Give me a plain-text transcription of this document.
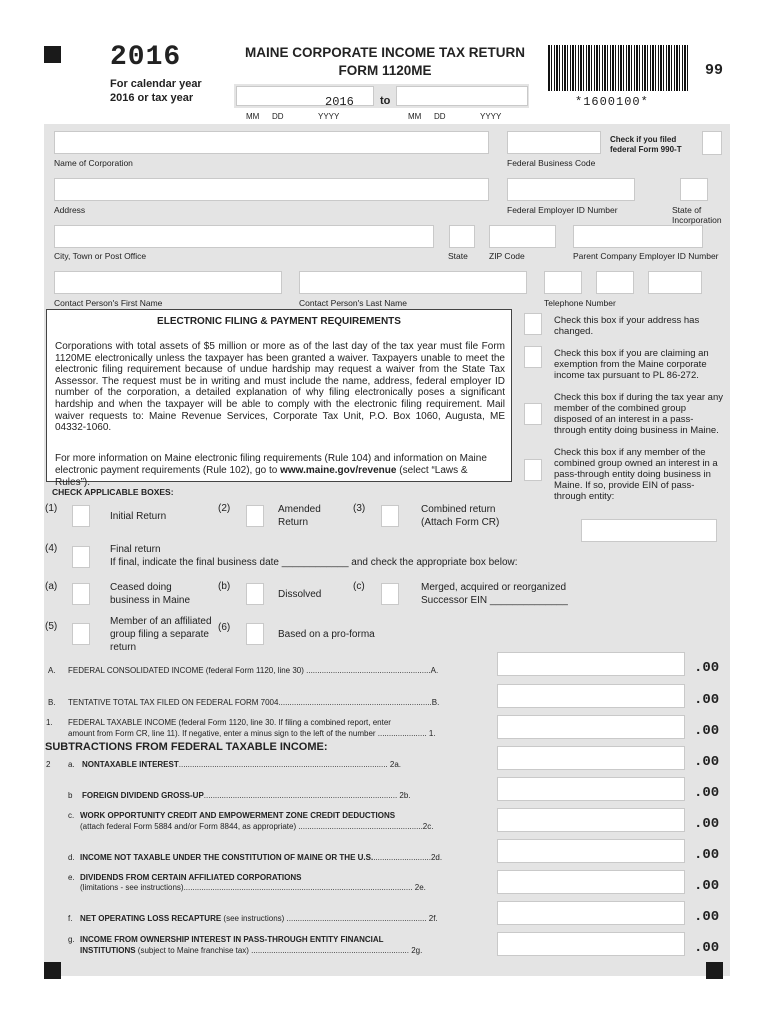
2016
For calendar year
2016 or tax year
MAINE CORPORATE INCOME TAX RETURN
FORM 1120ME
*1600100*
99
2016 to
MM DD	YYYY	MM DD	YYYY
Check if you filed federal Form 990-T
Name of Corporation	Federal Business Code
Address	Federal Employer ID Number	State of
Incorporation
City, Town or Post Office	State ZIP Code	Parent Company Employer ID Number
Contact Person's First Name	Contact Person's Last Name	Telephone Number
ELECTRONIC FILING & PAYMENT REQUIREMENTS
Corporations with total assets of $5 million or more as of the last day of the tax year must file Form 1120ME electronically unless the taxpayer has been granted a waiver. Taxpayers unable to meet the electronic filing requirement because of undue hardship may request a waiver from the State Tax Assessor. The request must be in writing and must include the name, address, federal employer ID number of the corporation, a detailed explanation of why filing electronically poses a significant hardship and when the taxpayer will be able to comply with the electronic filing requirement. Mail waiver requests to: Maine Revenue Services, Corporate Tax Unit, P.O. Box 1060, Augusta, ME 04332-1060.
For more information on Maine electronic filing requirements (Rule 104) and information on Maine electronic payment requirements (Rule 102), go to www.maine.gov/revenue (select “Laws & Rules”).
Check this box if your address has changed.
Check this box if you are claiming an exemption from the Maine corporate income tax pursuant to PL 86-272.
Check this box if during the tax year any member of the combined group disposed of an interest in a pass-through entity doing business in Maine.
Check this box if any member of the combined group owned an interest in a pass-through entity doing business in Maine. If so, provide EIN of pass-through entity:
CHECK APPLICABLE BOXES:
(1)
Initial Return
(2)	Amended
Return
(3)	Combined return
(Attach Form CR)
(4)	Final return
If final, indicate the final business date ____________ and check the appropriate box below:
(a)	Ceased doing
business in Maine
(b)
Dissolved
(c)	Merged, acquired or reorganized
Successor EIN ______________
(5)	Member of an affiliated
group filing a separate
return
(6)
Based on a pro-forma
A. FEDERAL CONSOLIDATED INCOME (federal Form 1120, line 30) ........................................................A.	.00
B. TENTATIVE TOTAL TAX FILED ON FEDERAL FORM 7004.....................................................................B.	.00
1. FEDERAL TAXABLE INCOME (federal Form 1120, line 30. If filing a combined report, enter
amount from Form CR, line 11). If negative, enter a minus sign to the left of the number ...................... 1.	.00
SUBTRACTIONS FROM FEDERAL TAXABLE INCOME:
2 a. NONTAXABLE INTEREST.............................................................................................. 2a.	.00
b FOREIGN DIVIDEND GROSS-UP....................................................................................... 2b.	.00
c. WORK OPPORTUNITY CREDIT AND EMPOWERMENT ZONE CREDIT DEDUCTIONS
(attach federal Form 5884 and/or Form 8844, as appropriate) ........................................................2c.	.00
d. INCOME NOT TAXABLE UNDER THE CONSTITUTION OF MAINE OR THE U.S...........................2d.	.00
e. DIVIDENDS FROM CERTAIN AFFILIATED CORPORATIONS
(limitations - see instructions)....................................................................................................... 2e.	.00
f. NET OPERATING LOSS RECAPTURE (see instructions) ............................................................... 2f.	.00
g. INCOME FROM OWNERSHIP INTEREST IN PASS-THROUGH ENTITY FINANCIAL
INSTITUTIONS (subject to Maine franchise tax) ....................................................................... 2g.	.00
